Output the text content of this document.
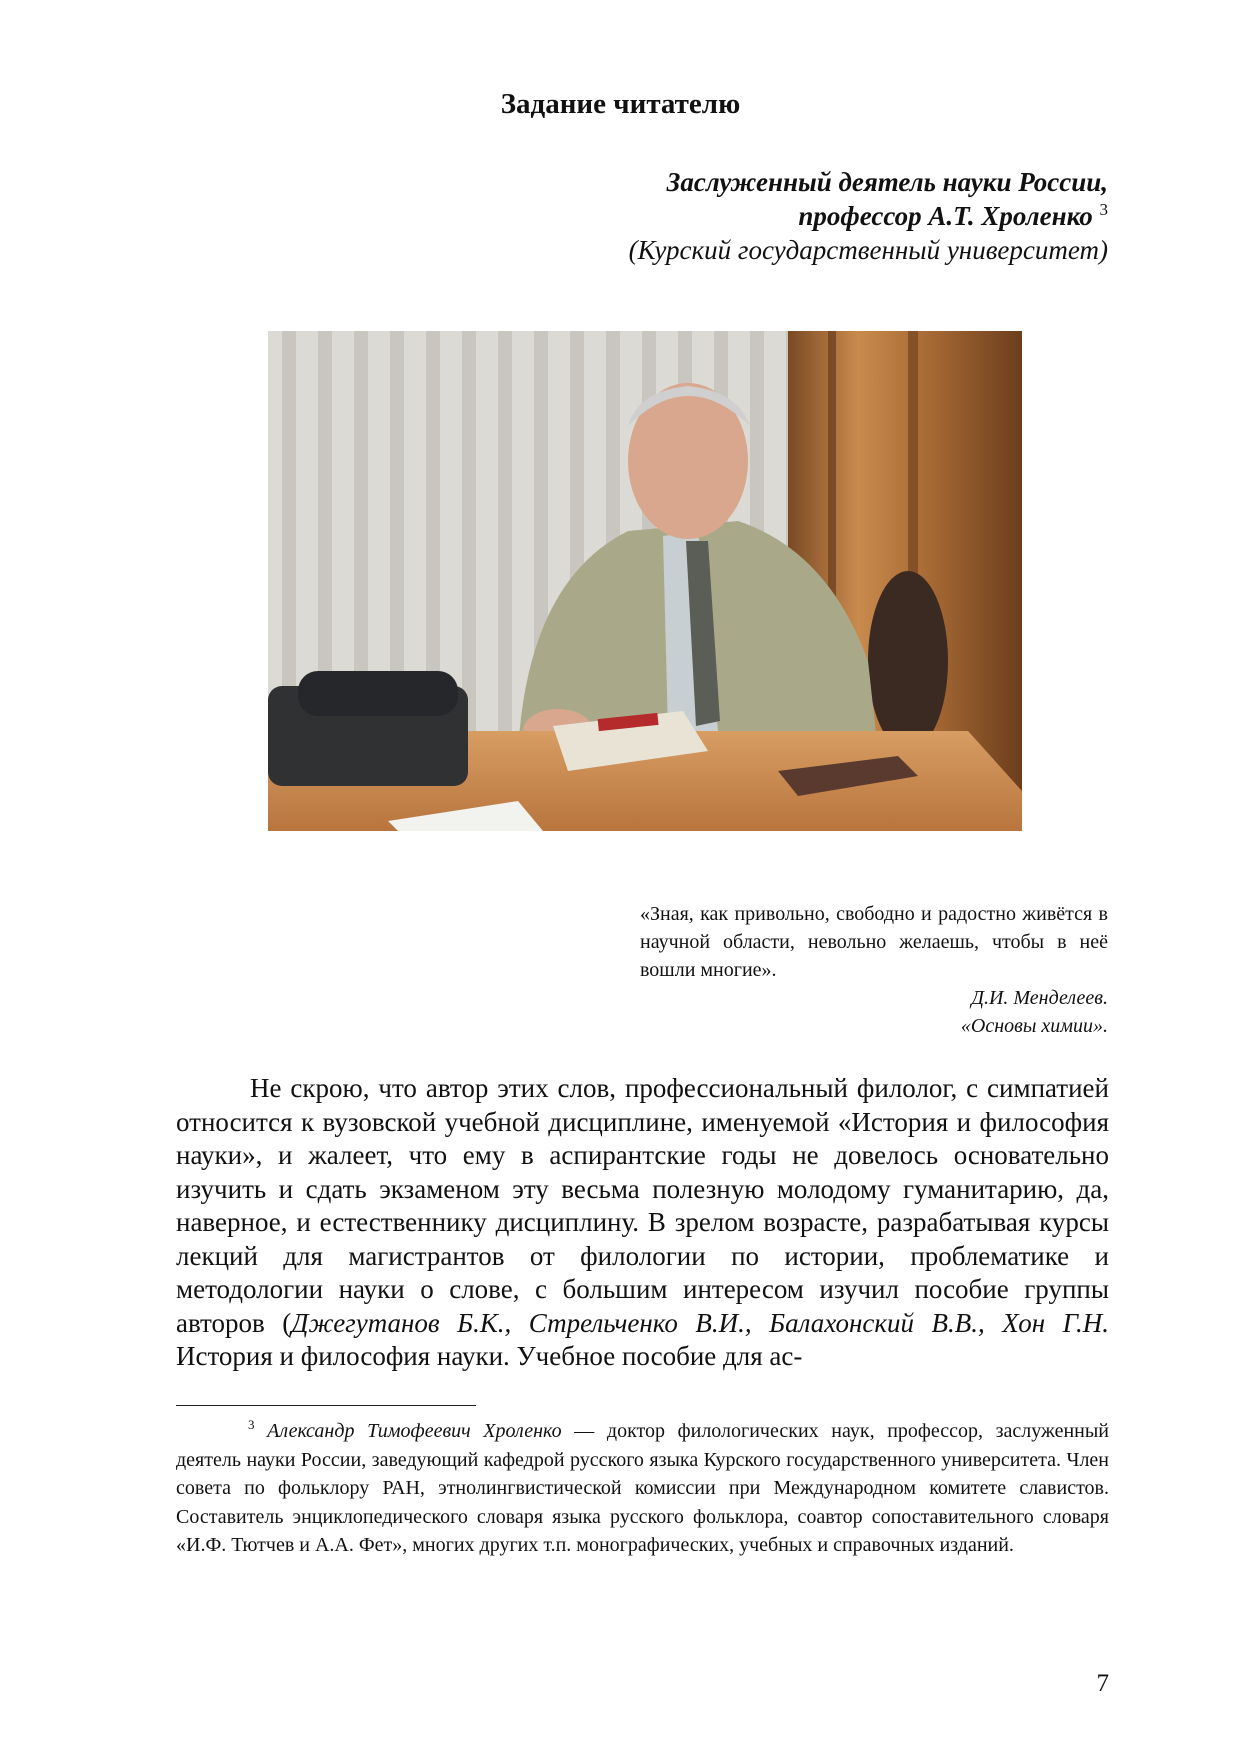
Задание читателю
Заслуженный деятель науки России,
профессор А.Т. Хроленко $^3$
(Курский государственный университет)

«Зная, как привольно, свободно и радостно живётся в научной области, невольно желаешь, чтобы в неё вошли многие».

Д.И. Менделеев.

«Основы химии».

Не скрою, что автор этих слов, профессиональный филолог, с симпатией относится к вузовской учебной дисциплине, именуемой «История и философия науки», и жалеет, что ему в аспирантские годы не довелось основательно изучить и сдать экзаменом эту весьма полезную молодому гуманитарию, да, наверное, и естественнику дисциплину. В зрелом возрасте, разрабатывая курсы лекций для магистрантов от филологии по истории, проблематике и методологии науки о слове, с большим интересом изучил пособие группы авторов (Джегутанов Б.К., Стрельченко В.И., Балахонский В.В., Хон Г.Н. История и философия науки. Учебное пособие для ас-

$^3$ Александр Тимофеевич Хроленко — доктор филологических наук, профессор, заслуженный деятель науки России, заведующий кафедрой русского языка Курского государственного университета. Член совета по фольклору РАН, этнолингвистической комиссии при Международном комитете славистов. Составитель энциклопедического словаря языка русского фольклора, соавтор сопоставительного словаря «И.Ф. Тютчев и А.А. Фет», многих других т.п. монографических, учебных и справочных изданий.

7
